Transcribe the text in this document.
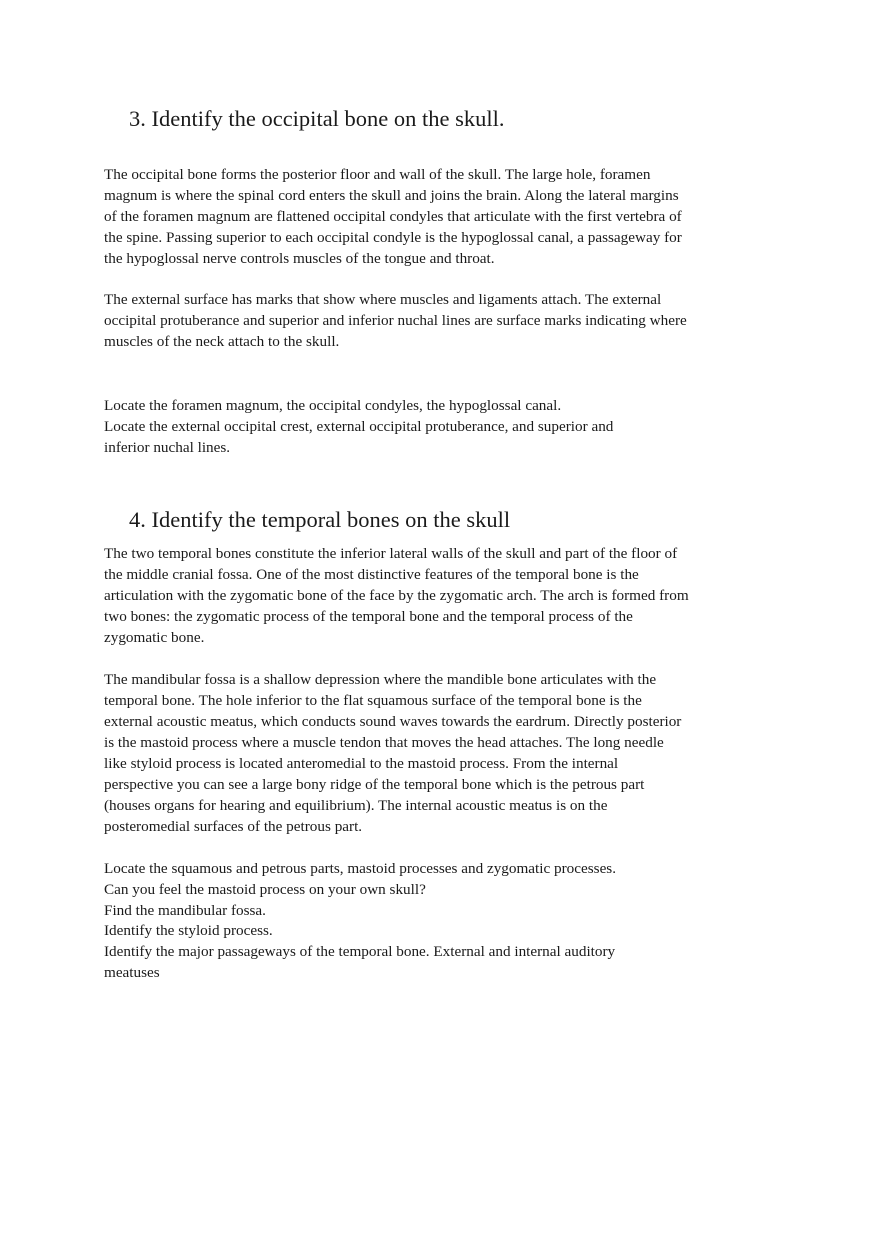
3. Identify the occipital bone on the skull.

The occipital bone forms the posterior floor and wall of the skull. The large hole, foramen

magnum is where the spinal cord enters the skull and joins the brain. Along the lateral margins

of the foramen magnum are flattened occipital condyles that articulate with the first vertebra of

the spine. Passing superior to each occipital condyle is the hypoglossal canal, a passageway for

the hypoglossal nerve controls muscles of the tongue and throat.

The external surface has marks that show where muscles and ligaments attach. The external

occipital protuberance and superior and inferior nuchal lines are surface marks indicating where

muscles of the neck attach to the skull.

Locate the foramen magnum, the occipital condyles, the hypoglossal canal.

Locate the external occipital crest, external occipital protuberance, and superior and

inferior nuchal lines.

4. Identify the temporal bones on the skull

The two temporal bones constitute the inferior lateral walls of the skull and part of the floor of

the middle cranial fossa. One of the most distinctive features of the temporal bone is the

articulation with the zygomatic bone of the face by the zygomatic arch. The arch is formed from

two bones: the zygomatic process of the temporal bone and the temporal process of the

zygomatic bone.

The mandibular fossa is a shallow depression where the mandible bone articulates with the

temporal bone. The hole inferior to the flat squamous surface of the temporal bone is the

external acoustic meatus, which conducts sound waves towards the eardrum. Directly posterior

is the mastoid process where a muscle tendon that moves the head attaches. The long needle

like styloid process is located anteromedial to the mastoid process. From the internal

perspective you can see a large bony ridge of the temporal bone which is the petrous part

(houses organs for hearing and equilibrium). The internal acoustic meatus is on the

posteromedial surfaces of the petrous part.

Locate the squamous and petrous parts, mastoid processes and zygomatic processes.

Can you feel the mastoid process on your own skull?

Find the mandibular fossa.

Identify the styloid process.

Identify the major passageways of the temporal bone. External and internal auditory

meatuses
